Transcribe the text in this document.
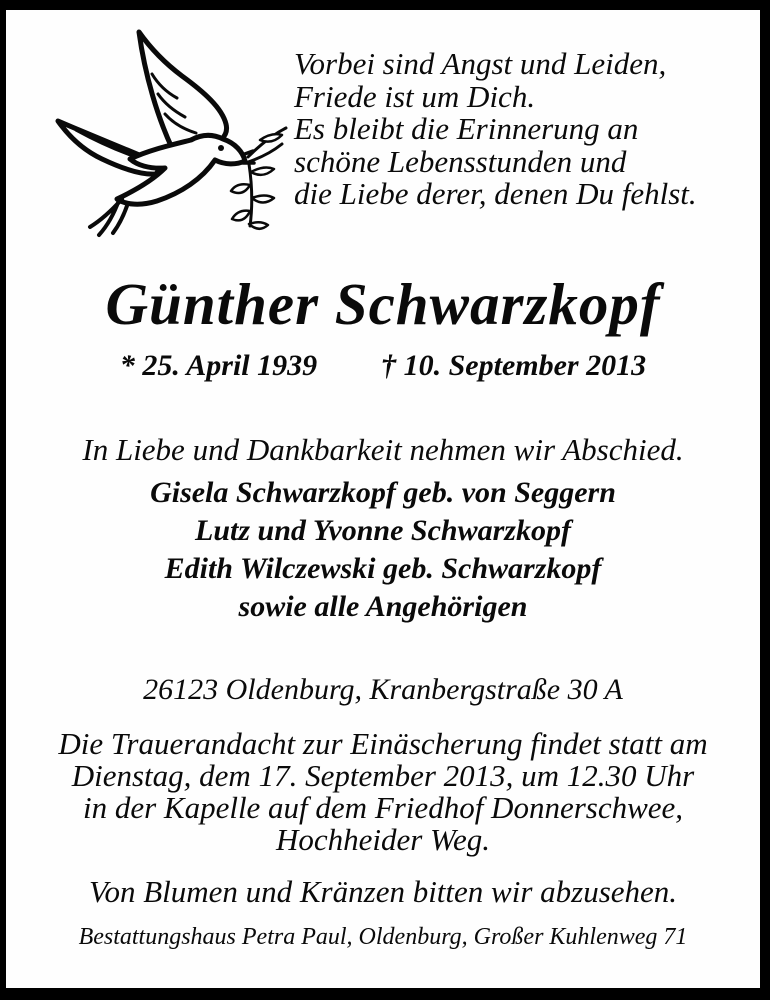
Vorbei sind Angst und Leiden,
Friede ist um Dich.
Es bleibt die Erinnerung an
schöne Lebensstunden und
die Liebe derer, denen Du fehlst.
Günther Schwarzkopf
* 25. April 1939 † 10. September 2013
In Liebe und Dankbarkeit nehmen wir Abschied.
Gisela Schwarzkopf geb. von Seggern
Lutz und Yvonne Schwarzkopf
Edith Wilczewski geb. Schwarzkopf
sowie alle Angehörigen
26123 Oldenburg, Kranbergstraße 30 A
Die Trauerandacht zur Einäscherung findet statt am
Dienstag, dem 17. September 2013, um 12.30 Uhr
in der Kapelle auf dem Friedhof Donnerschwee,
Hochheider Weg.
Von Blumen und Kränzen bitten wir abzusehen.
Bestattungshaus Petra Paul, Oldenburg, Großer Kuhlenweg 71
